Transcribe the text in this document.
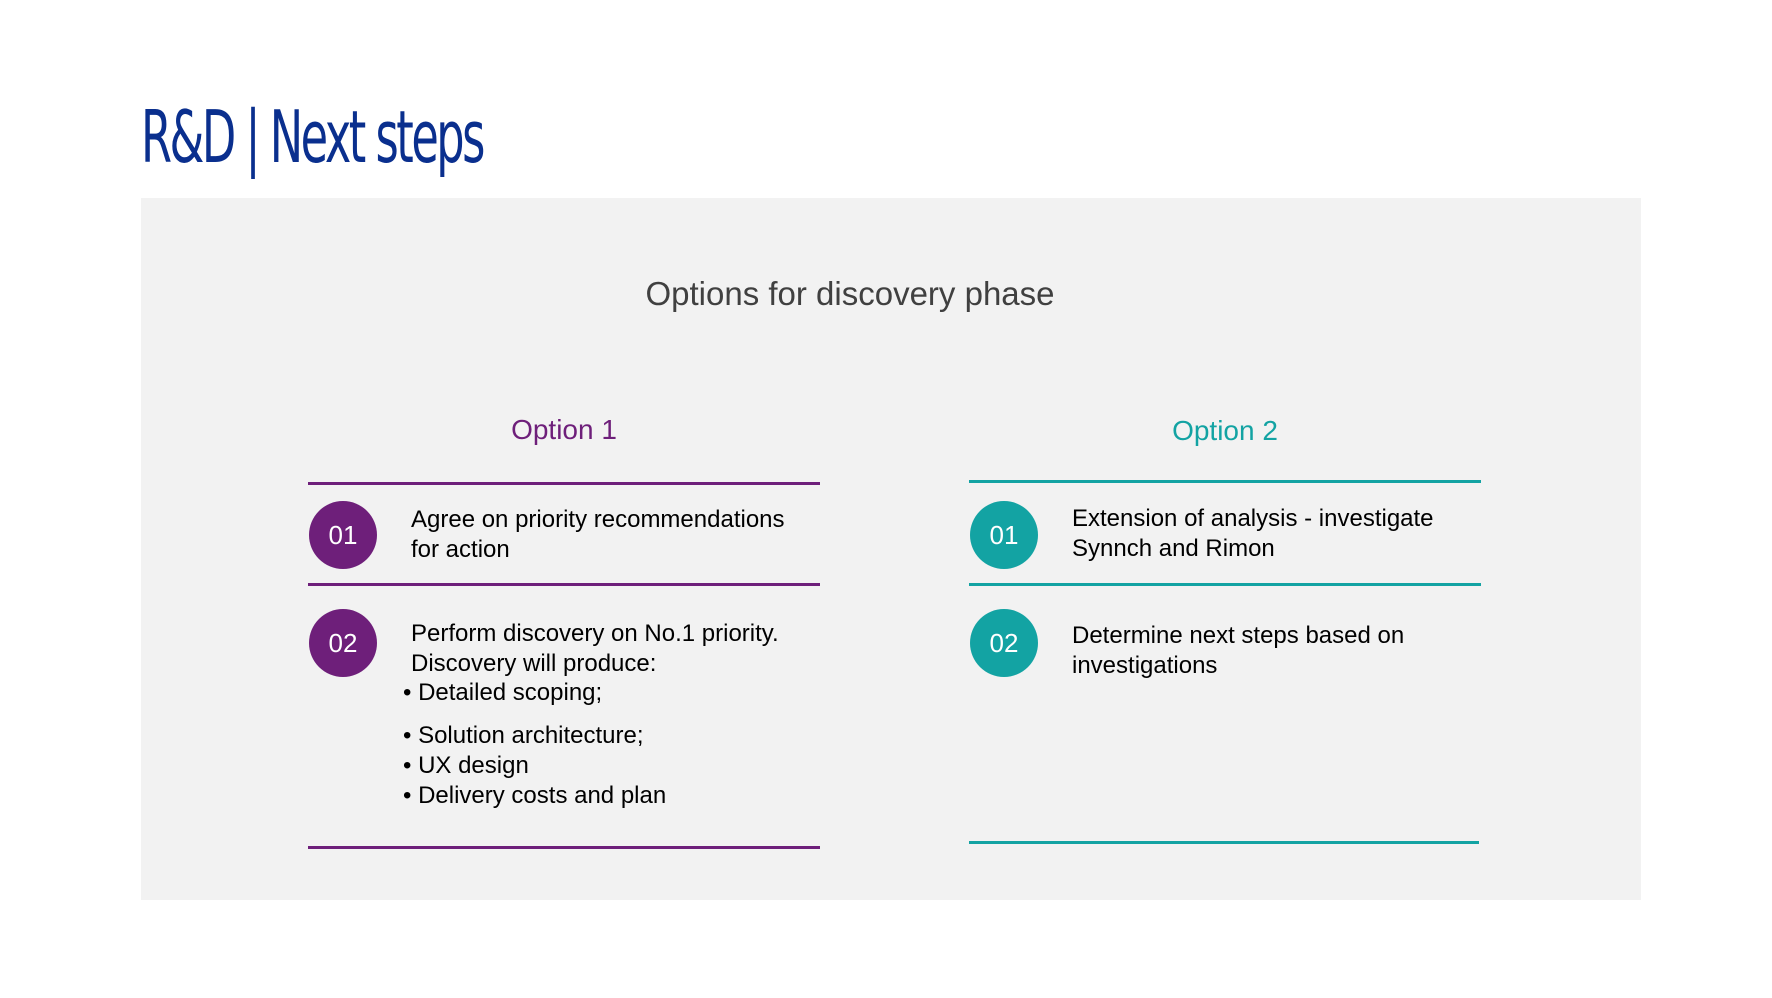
R&D | Next steps
Options for discovery phase
Option 1
01
Agree on priority recommendations for action
02	Perform discovery on No.1 priority.
Discovery will produce:
• Detailed scoping;
• Solution architecture;
• UX design
• Delivery costs and plan
Option 2
01
Extension of analysis - investigate Synnch and Rimon
02	Determine next steps based on investigations
